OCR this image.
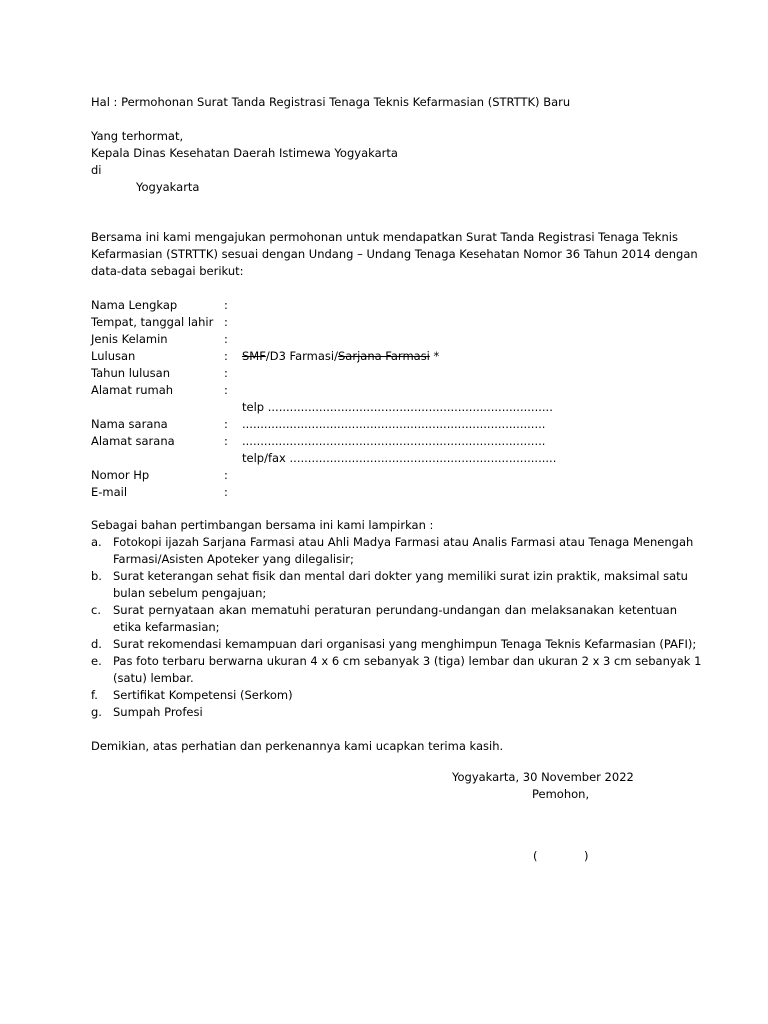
Hal : Permohonan Surat Tanda Registrasi Tenaga Teknis Kefarmasian (STRTTK) Baru
Yang terhormat,
Kepala Dinas Kesehatan Daerah Istimewa Yogyakarta
di
Yogyakarta
Bersama ini kami mengajukan permohonan untuk mendapatkan Surat Tanda Registrasi Tenaga Teknis
Kefarmasian (STRTTK) sesuai dengan Undang – Undang Tenaga Kesehatan Nomor 36 Tahun 2014 dengan
data-data sebagai berikut:
Nama Lengkap	:
Tempat, tanggal lahir :
Jenis Kelamin	:
Lulusan	: SMF/D3 Farmasi/Sarjana Farmasi *
Tahun lulusan	:
Alamat rumah	:
telp ..............................................................................
Nama sarana	: ...................................................................................
Alamat sarana	: ...................................................................................
telp/fax .........................................................................
Nomor Hp	:
E-mail	:
Sebagai bahan pertimbangan bersama ini kami lampirkan :
a. Fotokopi ijazah Sarjana Farmasi atau Ahli Madya Farmasi atau Analis Farmasi atau Tenaga Menengah
Farmasi/Asisten Apoteker yang dilegalisir;
b. Surat keterangan sehat fisik dan mental dari dokter yang memiliki surat izin praktik, maksimal satu
bulan sebelum pengajuan;
c. Surat pernyataan akan mematuhi peraturan perundang-undangan dan melaksanakan ketentuan
etika kefarmasian;
d. Surat rekomendasi kemampuan dari organisasi yang menghimpun Tenaga Teknis Kefarmasian (PAFI);
e. Pas foto terbaru berwarna ukuran 4 x 6 cm sebanyak 3 (tiga) lembar dan ukuran 2 x 3 cm sebanyak 1
(satu) lembar.
f. Sertifikat Kompetensi (Serkom)
g. Sumpah Profesi
Demikian, atas perhatian dan perkenannya kami ucapkan terima kasih.
Yogyakarta, 30 November 2022
Pemohon,
(	)
